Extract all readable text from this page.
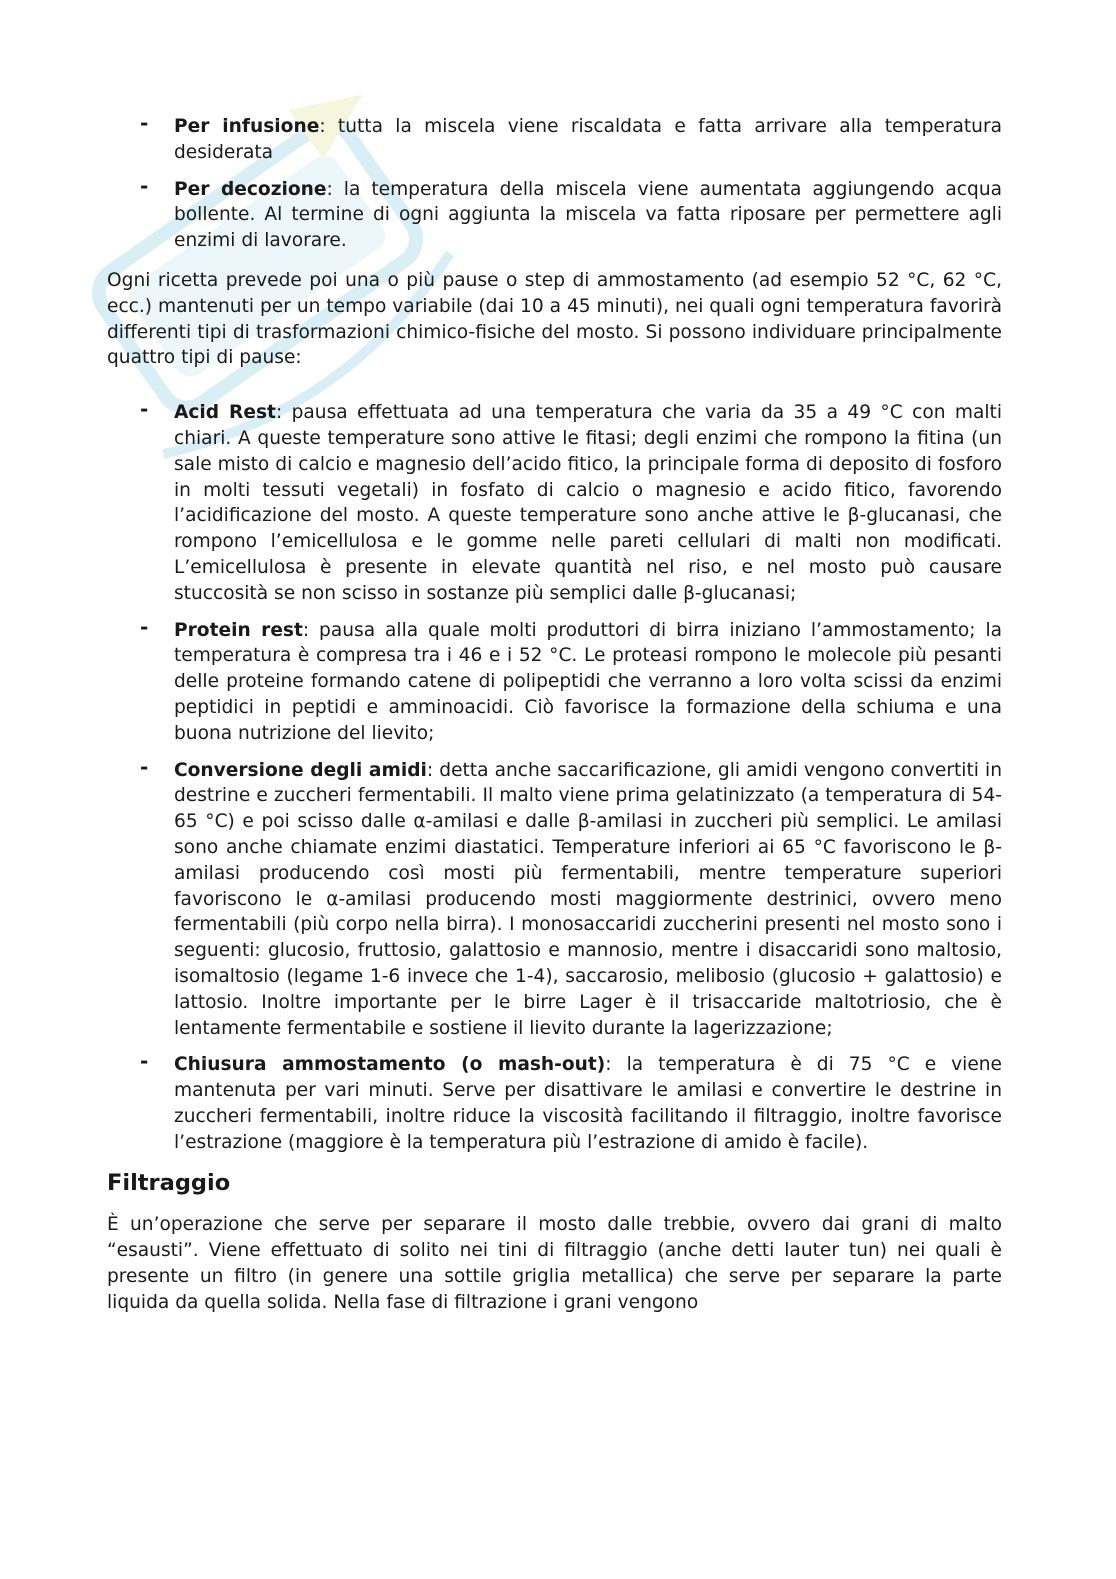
- Per infusione: tutta la miscela viene riscaldata e fatta arrivare alla temperatura desiderata
- Per decozione: la temperatura della miscela viene aumentata aggiungendo acqua bollente. Al termine di ogni aggiunta la miscela va fatta riposare per permettere agli enzimi di lavorare.

Ogni ricetta prevede poi una o più pause o step di ammostamento (ad esempio 52 °C, 62 °C, ecc.) mantenuti per un tempo variabile (dai 10 a 45 minuti), nei quali ogni temperatura favorirà differenti tipi di trasformazioni chimico-fisiche del mosto. Si possono individuare principalmente quattro tipi di pause:

- Acid Rest: pausa effettuata ad una temperatura che varia da 35 a 49 °C con malti chiari. A queste temperature sono attive le fitasi; degli enzimi che rompono la fitina (un sale misto di calcio e magnesio dell’acido fitico, la principale forma di deposito di fosforo in molti tessuti vegetali) in fosfato di calcio o magnesio e acido fitico, favorendo l’acidificazione del mosto. A queste temperature sono anche attive le β-glucanasi, che rompono l’emicellulosa e le gomme nelle pareti cellulari di malti non modificati. L’emicellulosa è presente in elevate quantità nel riso, e nel mosto può causare stuccosità se non scisso in sostanze più semplici dalle β-glucanasi;
- Protein rest: pausa alla quale molti produttori di birra iniziano l’ammostamento; la temperatura è compresa tra i 46 e i 52 °C. Le proteasi rompono le molecole più pesanti delle proteine formando catene di polipeptidi che verranno a loro volta scissi da enzimi peptidici in peptidi e amminoacidi. Ciò favorisce la formazione della schiuma e una buona nutrizione del lievito;
- Conversione degli amidi: detta anche saccarificazione, gli amidi vengono convertiti in destrine e zuccheri fermentabili. Il malto viene prima gelatinizzato (a temperatura di 54-65 °C) e poi scisso dalle α-amilasi e dalle β-amilasi in zuccheri più semplici. Le amilasi sono anche chiamate enzimi diastatici. Temperature inferiori ai 65 °C favoriscono le β-amilasi producendo così mosti più fermentabili, mentre temperature superiori favoriscono le α-amilasi producendo mosti maggiormente destrinici, ovvero meno fermentabili (più corpo nella birra). I monosaccaridi zuccherini presenti nel mosto sono i seguenti: glucosio, fruttosio, galattosio e mannosio, mentre i disaccaridi sono maltosio, isomaltosio (legame 1-6 invece che 1-4), saccarosio, melibosio (glucosio + galattosio) e lattosio. Inoltre importante per le birre Lager è il trisaccaride maltotriosio, che è lentamente fermentabile e sostiene il lievito durante la lagerizzazione;
- Chiusura ammostamento (o mash-out): la temperatura è di 75 °C e viene mantenuta per vari minuti. Serve per disattivare le amilasi e convertire le destrine in zuccheri fermentabili, inoltre riduce la viscosità facilitando il filtraggio, inoltre favorisce l’estrazione (maggiore è la temperatura più l’estrazione di amido è facile).
Filtraggio

È un’operazione che serve per separare il mosto dalle trebbie, ovvero dai grani di malto “esausti”. Viene effettuato di solito nei tini di filtraggio (anche detti lauter tun) nei quali è presente un filtro (in genere una sottile griglia metallica) che serve per separare la parte liquida da quella solida. Nella fase di filtrazione i grani vengono
